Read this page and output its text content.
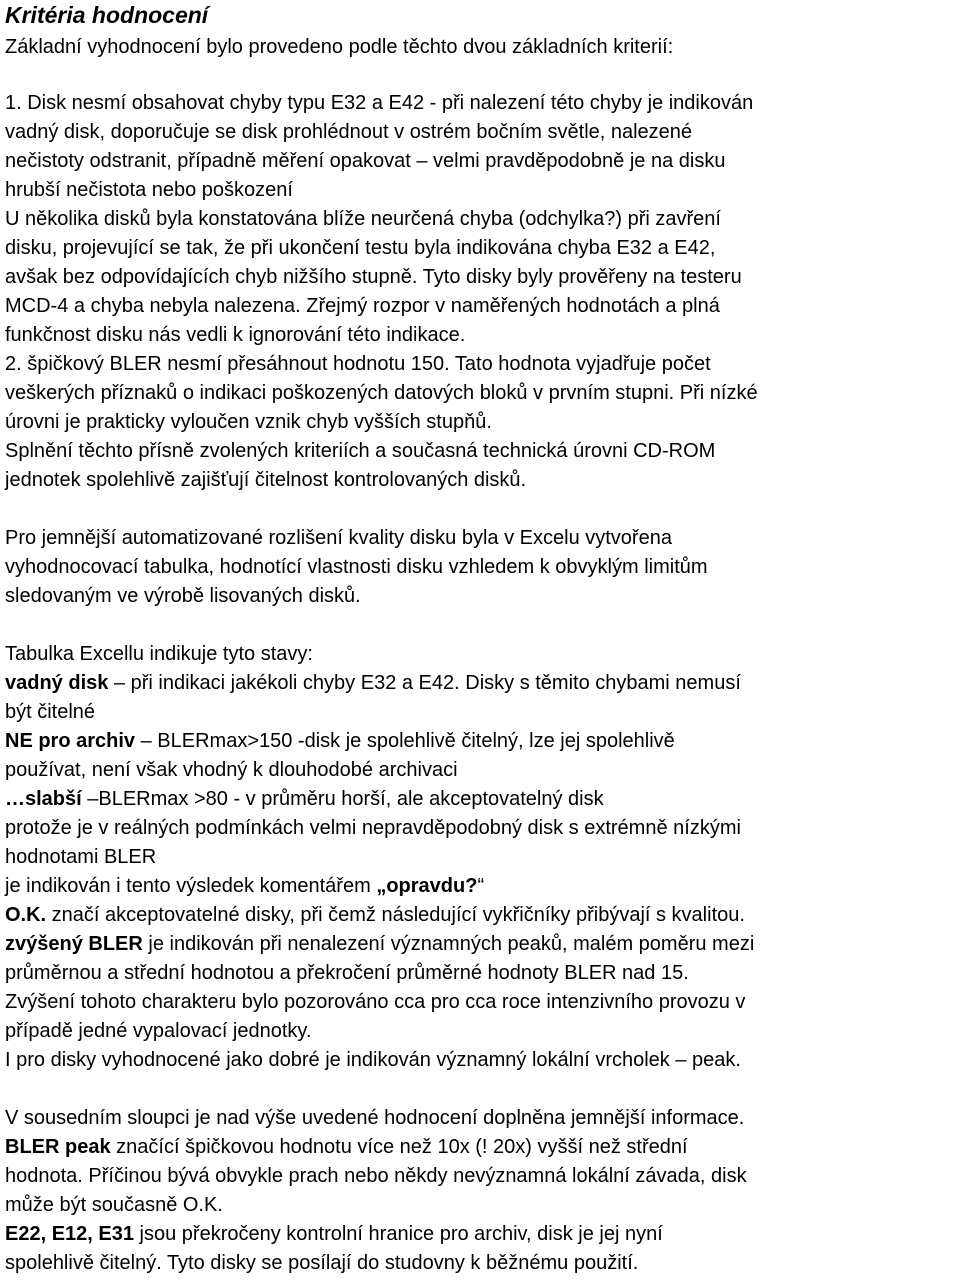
Kritéria hodnocení

Základní vyhodnocení bylo provedeno podle těchto dvou základních kriterií:

1. Disk nesmí obsahovat chyby typu E32 a E42 - při nalezení této chyby je indikován

vadný disk, doporučuje se disk prohlédnout v ostrém bočním světle, nalezené

nečistoty odstranit, případně měření opakovat – velmi pravděpodobně je na disku

hrubší nečistota nebo poškození

U několika disků byla konstatována blíže neurčená chyba (odchylka?) při zavření

disku, projevující se tak, že při ukončení testu byla indikována chyba E32 a E42,

avšak bez odpovídajících chyb nižšího stupně. Tyto disky byly prověřeny na testeru

MCD-4 a chyba nebyla nalezena. Zřejmý rozpor v naměřených hodnotách a plná

funkčnost disku nás vedli k ignorování této indikace.

2. špičkový BLER nesmí přesáhnout hodnotu 150. Tato hodnota vyjadřuje počet

veškerých příznaků o indikaci poškozených datových bloků v prvním stupni. Při nízké

úrovni je prakticky vyloučen vznik chyb vyšších stupňů.

Splnění těchto přísně zvolených kriteriích a současná technická úrovni CD-ROM

jednotek spolehlivě zajišťují čitelnost kontrolovaných disků.

Pro jemnější automatizované rozlišení kvality disku byla v Excelu vytvořena

vyhodnocovací tabulka, hodnotící vlastnosti disku vzhledem k obvyklým limitům

sledovaným ve výrobě lisovaných disků.

Tabulka Excellu indikuje tyto stavy:

vadný disk – při indikaci jakékoli chyby E32 a E42. Disky s těmito chybami nemusí

být čitelné

NE pro archiv – BLERmax>150 -disk je spolehlivě čitelný, lze jej spolehlivě

používat, není však vhodný k dlouhodobé archivaci

…slabší –BLERmax >80 - v průměru horší, ale akceptovatelný disk

protože je v reálných podmínkách velmi nepravděpodobný disk s extrémně nízkými

hodnotami BLER

je indikován i tento výsledek komentářem „opravdu?“

O.K. značí akceptovatelné disky, při čemž následující vykřičníky přibývají s kvalitou.

zvýšený BLER je indikován při nenalezení významných peaků, malém poměru mezi

průměrnou a střední hodnotou a překročení průměrné hodnoty BLER nad 15.

Zvýšení tohoto charakteru bylo pozorováno cca pro cca roce intenzivního provozu v

případě jedné vypalovací jednotky.

I pro disky vyhodnocené jako dobré je indikován významný lokální vrcholek – peak.

V sousedním sloupci je nad výše uvedené hodnocení doplněna jemnější informace.

BLER peak značící špičkovou hodnotu více než 10x (! 20x) vyšší než střední

hodnota. Příčinou bývá obvykle prach nebo někdy nevýznamná lokální závada, disk

může být současně O.K.

E22, E12, E31 jsou překročeny kontrolní hranice pro archiv, disk je jej nyní

spolehlivě čitelný. Tyto disky se posílají do studovny k běžnému použití.
